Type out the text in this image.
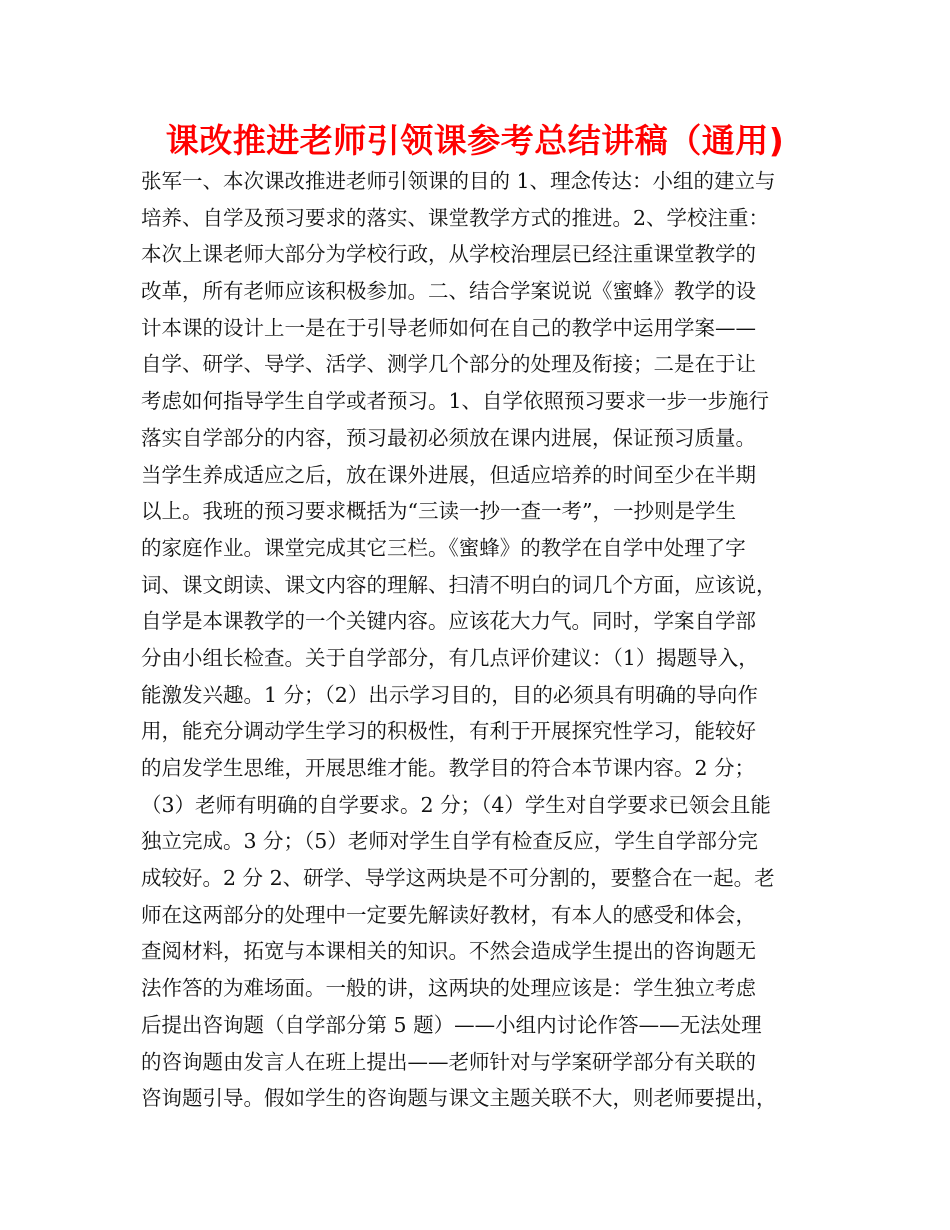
课改推进老师引领课参考总结讲稿（通用)
张军一、本次课改推进老师引领课的目的 1、理念传达：小组的建立与
培养、自学及预习要求的落实、课堂教学方式的推进。2、学校注重：
本次上课老师大部分为学校行政，从学校治理层已经注重课堂教学的
改革，所有老师应该积极参加。二、结合学案说说《蜜蜂》教学的设
计本课的设计上一是在于引导老师如何在自己的教学中运用学案——
自学、研学、导学、活学、测学几个部分的处理及衔接；二是在于让
考虑如何指导学生自学或者预习。1、自学依照预习要求一步一步施行
落实自学部分的内容，预习最初必须放在课内进展，保证预习质量。
当学生养成适应之后，放在课外进展，但适应培养的时间至少在半期
以上。我班的预习要求概括为“三读一抄一查一考”，一抄则是学生
的家庭作业。课堂完成其它三栏。《蜜蜂》的教学在自学中处理了字
词、课文朗读、课文内容的理解、扫清不明白的词几个方面，应该说，
自学是本课教学的一个关键内容。应该花大力气。同时，学案自学部
分由小组长检查。关于自学部分，有几点评价建议：（1）揭题导入，
能激发兴趣。1 分；（2）出示学习目的，目的必须具有明确的导向作
用，能充分调动学生学习的积极性，有利于开展探究性学习，能较好
的启发学生思维，开展思维才能。教学目的符合本节课内容。2 分；
（3）老师有明确的自学要求。2 分；（4）学生对自学要求已领会且能
独立完成。3 分；（5）老师对学生自学有检查反应，学生自学部分完
成较好。2 分 2、研学、导学这两块是不可分割的，要整合在一起。老
师在这两部分的处理中一定要先解读好教材，有本人的感受和体会，
查阅材料，拓宽与本课相关的知识。不然会造成学生提出的咨询题无
法作答的为难场面。一般的讲，这两块的处理应该是：学生独立考虑
后提出咨询题（自学部分第 5 题）——小组内讨论作答——无法处理
的咨询题由发言人在班上提出——老师针对与学案研学部分有关联的
咨询题引导。假如学生的咨询题与课文主题关联不大，则老师要提出，
